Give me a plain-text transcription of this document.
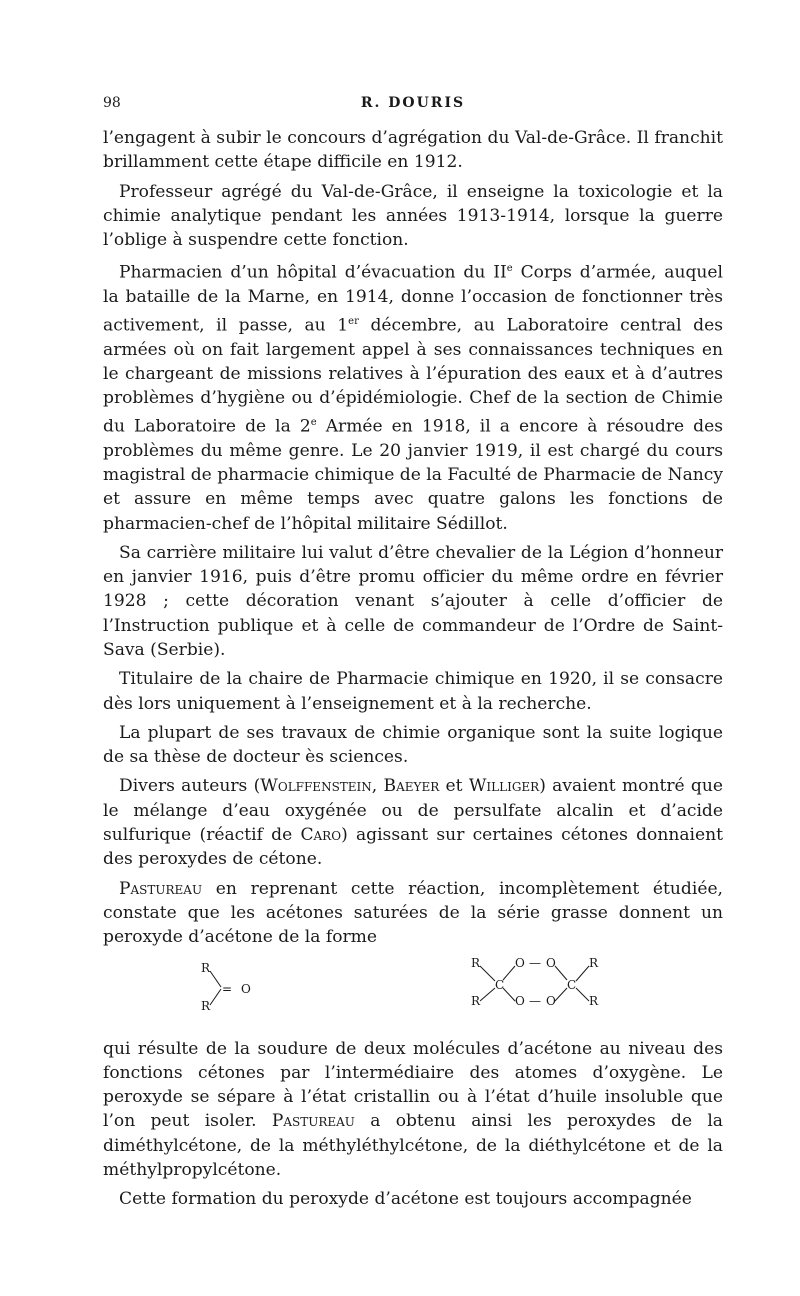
98	R. DOURIS

l’engagent à subir le concours d’agrégation du Val-de-Grâce. Il franchit brillamment cette étape difficile en 1912.

Professeur agrégé du Val-de-Grâce, il enseigne la toxicologie et la chimie analytique pendant les années 1913-1914, lorsque la guerre l’oblige à suspendre cette fonction.

Pharmacien d’un hôpital d’évacuation du IIe Corps d’armée, auquel la bataille de la Marne, en 1914, donne l’occasion de fonctionner très activement, il passe, au 1er décembre, au Laboratoire central des armées où on fait largement appel à ses connaissances techniques en le chargeant de missions relatives à l’épuration des eaux et à d’autres problèmes d’hygiène ou d’épidémiologie. Chef de la section de Chimie du Laboratoire de la 2e Armée en 1918, il a encore à résoudre des problèmes du même genre. Le 20 janvier 1919, il est chargé du cours magistral de pharmacie chimique de la Faculté de Pharmacie de Nancy et assure en même temps avec quatre galons les fonctions de pharmacien-chef de l’hôpital militaire Sédillot.

Sa carrière militaire lui valut d’être chevalier de la Légion d’honneur en janvier 1916, puis d’être promu officier du même ordre en février 1928 ; cette décoration venant s’ajouter à celle d’officier de l’Instruction publique et à celle de commandeur de l’Ordre de Saint-Sava (Serbie).

Titulaire de la chaire de Pharmacie chimique en 1920, il se consacre dès lors uniquement à l’enseignement et à la recherche.

La plupart de ses travaux de chimie organique sont la suite logique de sa thèse de docteur ès sciences.

Divers auteurs (Wolffenstein, Baeyer et Williger) avaient montré que le mélange d’eau oxygénée ou de persulfate alcalin et d’acide sulfurique (réactif de Caro) agissant sur certaines cétones donnaient des peroxydes de cétone.

Pastureau en reprenant cette réaction, incomplètement étudiée, constate que les acétones saturées de la série grasse donnent un peroxyde d’acétone de la forme

R
R
= O
R
R
C
O — O
O — O
C
R
R

qui résulte de la soudure de deux molécules d’acétone au niveau des fonctions cétones par l’intermédiaire des atomes d’oxygène. Le peroxyde se sépare à l’état cristallin ou à l’état d’huile insoluble que l’on peut isoler. Pastureau a obtenu ainsi les peroxydes de la diméthylcétone, de la méthyléthylcétone, de la diéthylcétone et de la méthylpropylcétone.

Cette formation du peroxyde d’acétone est toujours accompagnée
